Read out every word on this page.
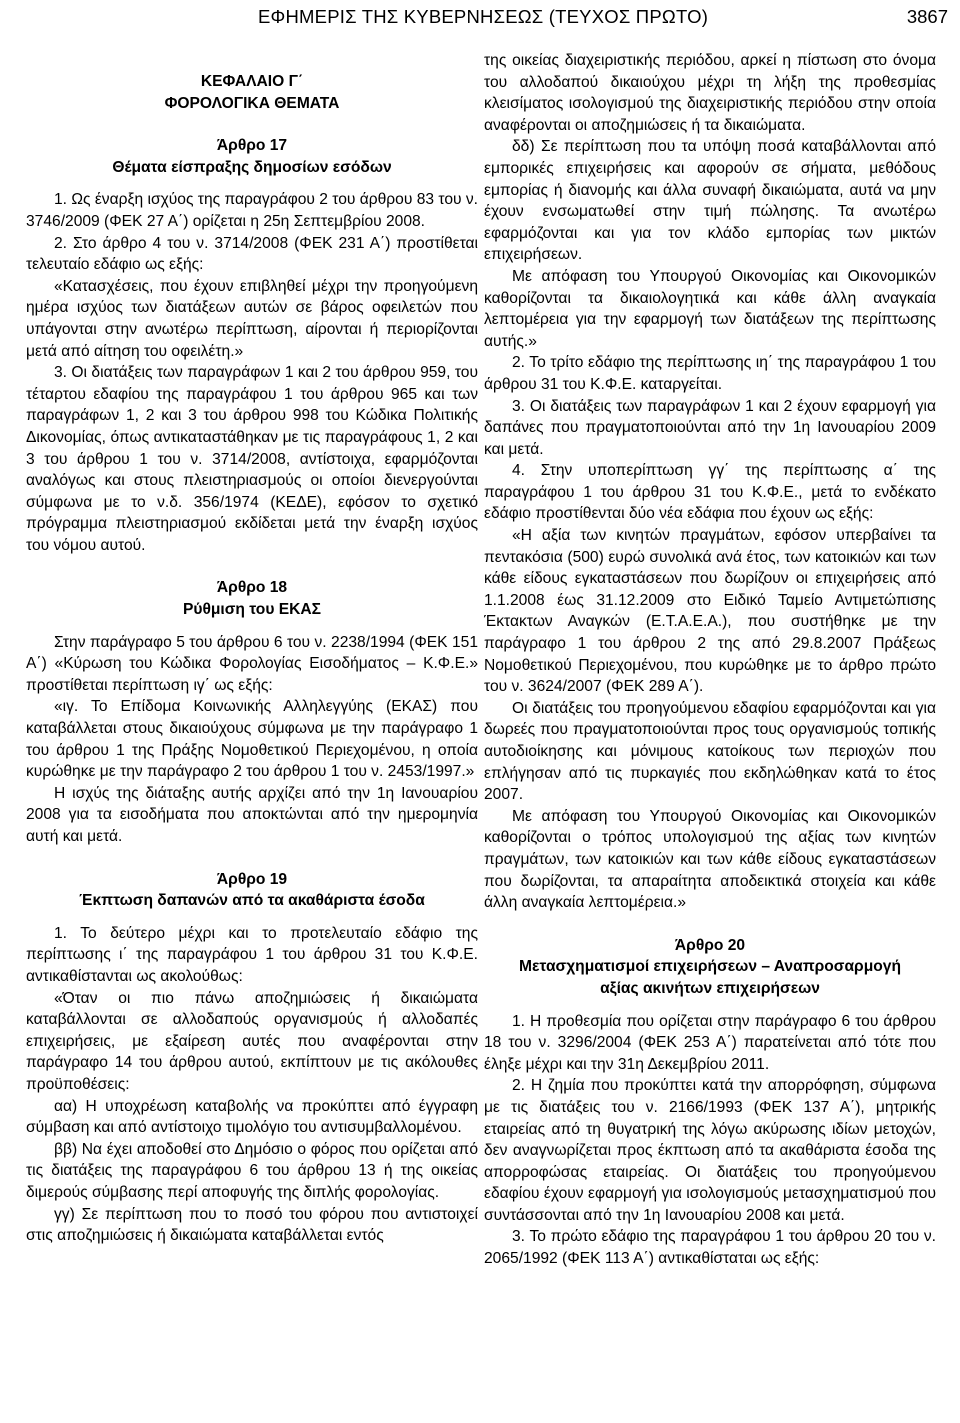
ΕΦΗΜΕΡΙΣ ΤΗΣ ΚΥΒΕΡΝΗΣΕΩΣ (ΤΕΥΧΟΣ ΠΡΩΤΟ)	3867

ΚΕΦΑΛΑΙΟ Γ΄

ΦΟΡΟΛΟΓΙΚΑ ΘΕΜΑΤΑ

Άρθρο 17

Θέματα είσπραξης δημοσίων εσόδων

1. Ως έναρξη ισχύος της παραγράφου 2 του άρθρου 83 του ν. 3746/2009 (ΦΕΚ 27 Α΄) ορίζεται η 25η Σεπτεμβρίου 2008.

2. Στο άρθρο 4 του ν. 3714/2008 (ΦΕΚ 231 Α΄) προστίθεται τελευταίο εδάφιο ως εξής:

«Κατασχέσεις, που έχουν επιβληθεί μέχρι την προηγούμενη ημέρα ισχύος των διατάξεων αυτών σε βάρος οφειλετών που υπάγονται στην ανωτέρω περίπτωση, αίρονται ή περιορίζονται μετά από αίτηση του οφειλέτη.»

3. Οι διατάξεις των παραγράφων 1 και 2 του άρθρου 959, του τέταρτου εδαφίου της παραγράφου 1 του άρθρου 965 και των παραγράφων 1, 2 και 3 του άρθρου 998 του Κώδικα Πολιτικής Δικονομίας, όπως αντικαταστάθηκαν με τις παραγράφους 1, 2 και 3 του άρθρου 1 του ν. 3714/2008, αντίστοιχα, εφαρμόζονται αναλόγως και στους πλειστηριασμούς οι οποίοι διενεργούνται σύμφωνα με το ν.δ. 356/1974 (ΚΕΔΕ), εφόσον το σχετικό πρόγραμμα πλειστηριασμού εκδίδεται μετά την έναρξη ισχύος του νόμου αυτού.

Άρθρο 18

Ρύθμιση του ΕΚΑΣ

Στην παράγραφο 5 του άρθρου 6 του ν. 2238/1994 (ΦΕΚ 151 Α΄) «Κύρωση του Κώδικα Φορολογίας Εισοδήματος – Κ.Φ.Ε.» προστίθεται περίπτωση ιγ΄ ως εξής:

«ιγ. Το Επίδομα Κοινωνικής Αλληλεγγύης (ΕΚΑΣ) που καταβάλλεται στους δικαιούχους σύμφωνα με την παράγραφο 1 του άρθρου 1 της Πράξης Νομοθετικού Περιεχομένου, η οποία κυρώθηκε με την παράγραφο 2 του άρθρου 1 του ν. 2453/1997.»

Η ισχύς της διάταξης αυτής αρχίζει από την 1η Ιανουαρίου 2008 για τα εισοδήματα που αποκτώνται από την ημερομηνία αυτή και μετά.

Άρθρο 19

Έκπτωση δαπανών από τα ακαθάριστα έσοδα

1. Το δεύτερο μέχρι και το προτελευταίο εδάφιο της περίπτωσης ι΄ της παραγράφου 1 του άρθρου 31 του Κ.Φ.Ε. αντικαθίστανται ως ακολούθως:

«Όταν οι πιο πάνω αποζημιώσεις ή δικαιώματα καταβάλλονται σε αλλοδαπούς οργανισμούς ή αλλοδαπές επιχειρήσεις, με εξαίρεση αυτές που αναφέρονται στην παράγραφο 14 του άρθρου αυτού, εκπίπτουν με τις ακόλουθες προϋποθέσεις:

αα) Η υποχρέωση καταβολής να προκύπτει από έγγραφη σύμβαση και από αντίστοιχο τιμολόγιο του αντισυμβαλλομένου.

ββ) Να έχει αποδοθεί στο Δημόσιο ο φόρος που ορίζεται από τις διατάξεις της παραγράφου 6 του άρθρου 13 ή της οικείας διμερούς σύμβασης περί αποφυγής της διπλής φορολογίας.

γγ) Σε περίπτωση που το ποσό του φόρου που αντιστοιχεί στις αποζημιώσεις ή δικαιώματα καταβάλλεται εντός

της οικείας διαχειριστικής περιόδου, αρκεί η πίστωση στο όνομα του αλλοδαπού δικαιούχου μέχρι τη λήξη της προθεσμίας κλεισίματος ισολογισμού της διαχειριστικής περιόδου στην οποία αναφέρονται οι αποζημιώσεις ή τα δικαιώματα.

δδ) Σε περίπτωση που τα υπόψη ποσά καταβάλλονται από εμπορικές επιχειρήσεις και αφορούν σε σήματα, μεθόδους εμπορίας ή διανομής και άλλα συναφή δικαιώματα, αυτά να μην έχουν ενσωματωθεί στην τιμή πώλησης. Τα ανωτέρω εφαρμόζονται και για τον κλάδο εμπορίας των μικτών επιχειρήσεων.

Με απόφαση του Υπουργού Οικονομίας και Οικονομικών καθορίζονται τα δικαιολογητικά και κάθε άλλη αναγκαία λεπτομέρεια για την εφαρμογή των διατάξεων της περίπτωσης αυτής.»

2. Το τρίτο εδάφιο της περίπτωσης ιη΄ της παραγράφου 1 του άρθρου 31 του Κ.Φ.Ε. καταργείται.

3. Οι διατάξεις των παραγράφων 1 και 2 έχουν εφαρμογή για δαπάνες που πραγματοποιούνται από την 1η Ιανουαρίου 2009 και μετά.

4. Στην υποπερίπτωση γγ΄ της περίπτωσης α΄ της παραγράφου 1 του άρθρου 31 του Κ.Φ.Ε., μετά το ενδέκατο εδάφιο προστίθενται δύο νέα εδάφια που έχουν ως εξής:

«Η αξία των κινητών πραγμάτων, εφόσον υπερβαίνει τα πεντακόσια (500) ευρώ συνολικά ανά έτος, των κατοικιών και των κάθε είδους εγκαταστάσεων που δωρίζουν οι επιχειρήσεις από 1.1.2008 έως 31.12.2009 στο Ειδικό Ταμείο Αντιμετώπισης Έκτακτων Αναγκών (Ε.Τ.Α.Ε.Α.), που συστήθηκε με την παράγραφο 1 του άρθρου 2 της από 29.8.2007 Πράξεως Νομοθετικού Περιεχομένου, που κυρώθηκε με το άρθρο πρώτο του ν. 3624/2007 (ΦΕΚ 289 Α΄).

Οι διατάξεις του προηγούμενου εδαφίου εφαρμόζονται και για δωρεές που πραγματοποιούνται προς τους οργανισμούς τοπικής αυτοδιοίκησης και μόνιμους κατοίκους των περιοχών που επλήγησαν από τις πυρκαγιές που εκδηλώθηκαν κατά το έτος 2007.

Με απόφαση του Υπουργού Οικονομίας και Οικονομικών καθορίζονται ο τρόπος υπολογισμού της αξίας των κινητών πραγμάτων, των κατοικιών και των κάθε είδους εγκαταστάσεων που δωρίζονται, τα απαραίτητα αποδεικτικά στοιχεία και κάθε άλλη αναγκαία λεπτομέρεια.»

Άρθρο 20

Μετασχηματισμοί επιχειρήσεων – Αναπροσαρμογή

αξίας ακινήτων επιχειρήσεων

1. Η προθεσμία που ορίζεται στην παράγραφο 6 του άρθρου 18 του ν. 3296/2004 (ΦΕΚ 253 Α΄) παρατείνεται από τότε που έληξε μέχρι και την 31η Δεκεμβρίου 2011.

2. Η ζημία που προκύπτει κατά την απορρόφηση, σύμφωνα με τις διατάξεις του ν. 2166/1993 (ΦΕΚ 137 Α΄), μητρικής εταιρείας από τη θυγατρική της λόγω ακύρωσης ιδίων μετοχών, δεν αναγνωρίζεται προς έκπτωση από τα ακαθάριστα έσοδα της απορροφώσας εταιρείας. Οι διατάξεις του προηγούμενου εδαφίου έχουν εφαρμογή για ισολογισμούς μετασχηματισμού που συντάσσονται από την 1η Ιανουαρίου 2008 και μετά.

3. Το πρώτο εδάφιο της παραγράφου 1 του άρθρου 20 του ν. 2065/1992 (ΦΕΚ 113 Α΄) αντικαθίσταται ως εξής:
